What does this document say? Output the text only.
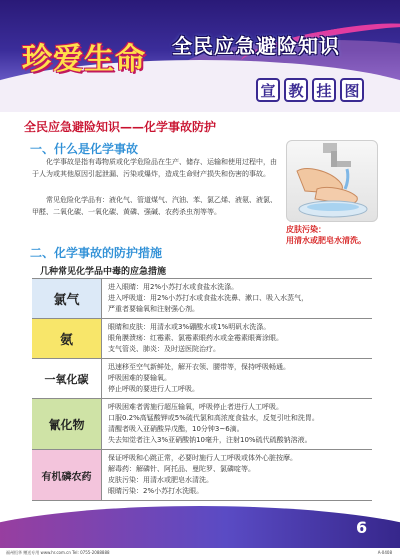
珍爱生命 全民应急避险知识
宣 教 挂 图
全民应急避险知识——化学事故防护
一、什么是化学事故
化学事故是指有毒物质或化学危险品在生产、储存、运输和使用过程中，由于人为或其他原因引起泄漏、污染或爆炸，造成生命财产损失和伤害的事故。
常见危险化学品有：液化气、管道煤气、汽油、苯、氯乙烯、液氨、液氯、甲醛、二氧化碳、一氧化碳、黄磷、强碱、农药杀虫剂等等。
皮肤污染：
用清水或肥皂水清洗。
二、化学事故的防护措施
几种常见化学品中毒的应急措施
氯气
进入眼睛：用2%小苏打水或食盐水洗涤。
进入呼吸道：用2%小苏打水或食盐水洗鼻、漱口、吸入水蒸气，
严重者要输氧和注射强心剂。
氨
眼睛和皮肤：用清水或3%硼酸水或1%明矾水洗涤。
眼角膜溃疡：红霉素、氯霉素眼药水或金霉素眼膏涂眼。
支气管炎、肺炎：及时送医院治疗。
一氧化碳
迅速移至空气新鲜处，解开衣领、腰带等，保持呼吸畅通。
呼吸困难的要输氧。
停止呼吸的要进行人工呼吸。
氰化物
呼吸困难者需施行超压输氧，呼吸停止者进行人工呼吸。
口服0.2%高锰酸钾或5%硫代氯和高浓度食盐水，反复引吐和洗胃。
清醒者吸入亚硝酸异戊酯，10分钟3~6滴。
失去知觉者注入3%亚硝酸钠10毫升，注射10%硫代硫酸钠溶液。
有机磷农药
保证呼吸和心跳正常，必要时施行人工呼吸或体外心脏按摩。
解毒药：解磷针、阿托品、曼陀罗、氯磷啶等。
皮肤污染：用清水或肥皂水清洗。
眼睛污染：2%小苏打水洗眼。
6
福州恒华 赠送专用 www.hr.com.cn Tel: 0755-2088888	A-0408
